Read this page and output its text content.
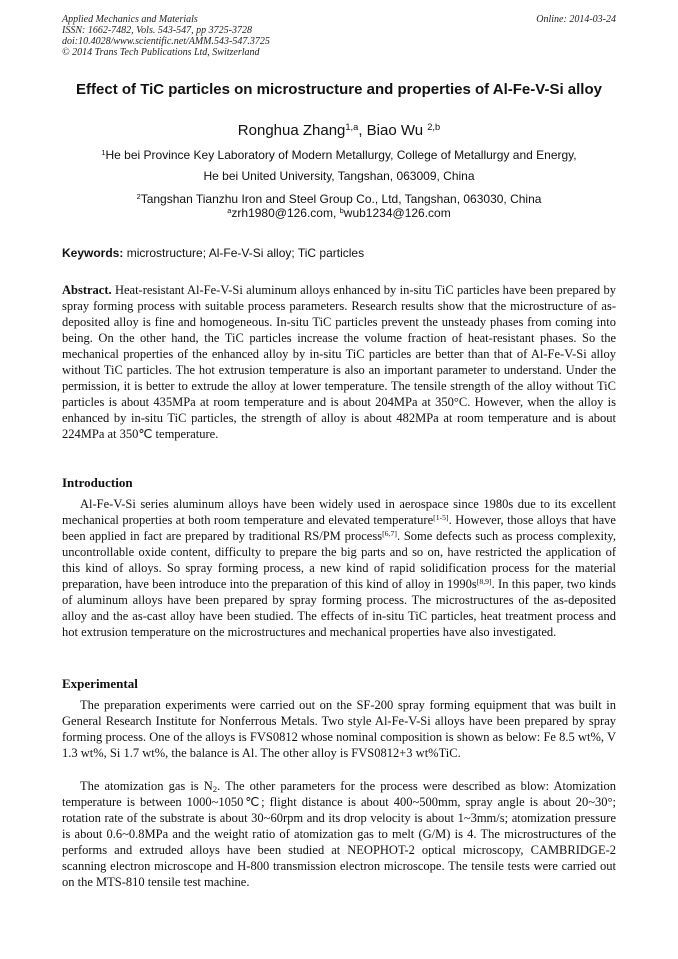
Applied Mechanics and Materials
ISSN: 1662-7482, Vols. 543-547, pp 3725-3728
doi:10.4028/www.scientific.net/AMM.543-547.3725
© 2014 Trans Tech Publications Ltd, Switzerland
Online: 2014-03-24
Effect of TiC particles on microstructure and properties of Al-Fe-V-Si alloy
Ronghua Zhang$^{1,a}$, Biao Wu $^{2,b}$
$^1$He bei Province Key Laboratory of Modern Metallurgy, College of Metallurgy and Energy,
He bei United University, Tangshan, 063009, China
$^2$Tangshan Tianzhu Iron and Steel Group Co., Ltd, Tangshan, 063030, China
$^a$zrh1980@126.com, $^b$wub1234@126.com
Keywords: microstructure; Al-Fe-V-Si alloy; TiC particles
Abstract. Heat-resistant Al-Fe-V-Si aluminum alloys enhanced by in-situ TiC particles have been prepared by spray forming process with suitable process parameters. Research results show that the microstructure of as-deposited alloy is fine and homogeneous. In-situ TiC particles prevent the unsteady phases from coming into being. On the other hand, the TiC particles increase the volume fraction of heat-resistant phases. So the mechanical properties of the enhanced alloy by in-situ TiC particles are better than that of Al-Fe-V-Si alloy without TiC particles. The hot extrusion temperature is also an important parameter to understand. Under the permission, it is better to extrude the alloy at lower temperature. The tensile strength of the alloy without TiC particles is about 435MPa at room temperature and is about 204MPa at 350°C. However, when the alloy is enhanced by in-situ TiC particles, the strength of alloy is about 482MPa at room temperature and is about 224MPa at 350℃ temperature.
Introduction
Al-Fe-V-Si series aluminum alloys have been widely used in aerospace since 1980s due to its excellent mechanical properties at both room temperature and elevated temperature[1-5]. However, those alloys that have been applied in fact are prepared by traditional RS/PM process[6,7]. Some defects such as process complexity, uncontrollable oxide content, difficulty to prepare the big parts and so on, have restricted the application of this kind of alloys. So spray forming process, a new kind of rapid solidification process for the material preparation, have been introduce into the preparation of this kind of alloy in 1990s[8,9]. In this paper, two kinds of aluminum alloys have been prepared by spray forming process. The microstructures of the as-deposited alloy and the as-cast alloy have been studied. The effects of in-situ TiC particles, heat treatment process and hot extrusion temperature on the microstructures and mechanical properties have also investigated.
Experimental
The preparation experiments were carried out on the SF-200 spray forming equipment that was built in General Research Institute for Nonferrous Metals. Two style Al-Fe-V-Si alloys have been prepared by spray forming process. One of the alloys is FVS0812 whose nominal composition is shown as below: Fe 8.5 wt%, V 1.3 wt%, Si 1.7 wt%, the balance is Al. The other alloy is FVS0812+3 wt%TiC.
The atomization gas is $N_2$. The other parameters for the process were described as blow: Atomization temperature is between 1000~1050℃; flight distance is about 400~500mm, spray angle is about 20~30°; rotation rate of the substrate is about 30~60rpm and its drop velocity is about 1~3mm/s; atomization pressure is about 0.6~0.8MPa and the weight ratio of atomization gas to melt (G/M) is 4. The microstructures of the performs and extruded alloys have been studied at NEOPHOT-2 optical microscopy, CAMBRIDGE-2 scanning electron microscope and H-800 transmission electron microscope. The tensile tests were carried out on the MTS-810 tensile test machine.
